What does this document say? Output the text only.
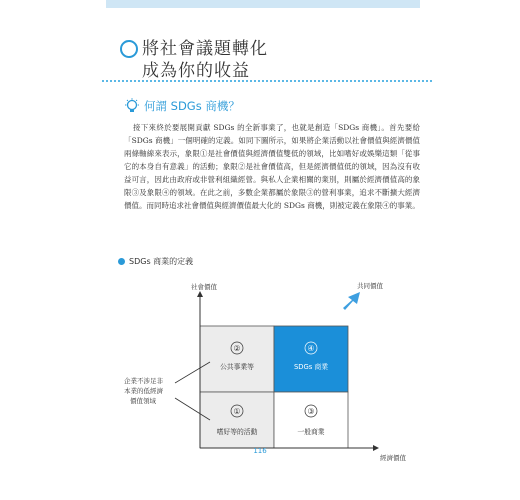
將社會議題轉化
成為你的收益
何謂 SDGs 商機？

接下來終於要展開貢獻 SDGs 的全新事業了，也就是創造「SDGs 商機」。首先要給「SDGs 商機」一個明確的定義。如同下圖所示，如果將企業活動以社會價值與經濟價值兩條軸線來表示，象限①是社會價值與經濟價值雙低的領域，比如嗜好或娛樂這類「從事它的本身自有意義」的活動；象限②是社會價值高，但是經濟價值低的領域，因為沒有收益可言，因此由政府或非營利組織經營。與私人企業相關的業別，則屬於經濟價值高的象限③及象限④的領域。在此之前，多數企業都屬於象限③的營利事業，追求不斷擴大經濟價值。而同時追求社會價值與經濟價值最大化的 SDGs 商機，則被定義在象限④的事業。

SDGs 商業的定義
社會價值
經濟價值
共同價值
②
公共事業等
④
SDGs 商業
①
嗜好等的活動
③
一般商業
企業不涉足非
本業的低經濟
價值領域
116
